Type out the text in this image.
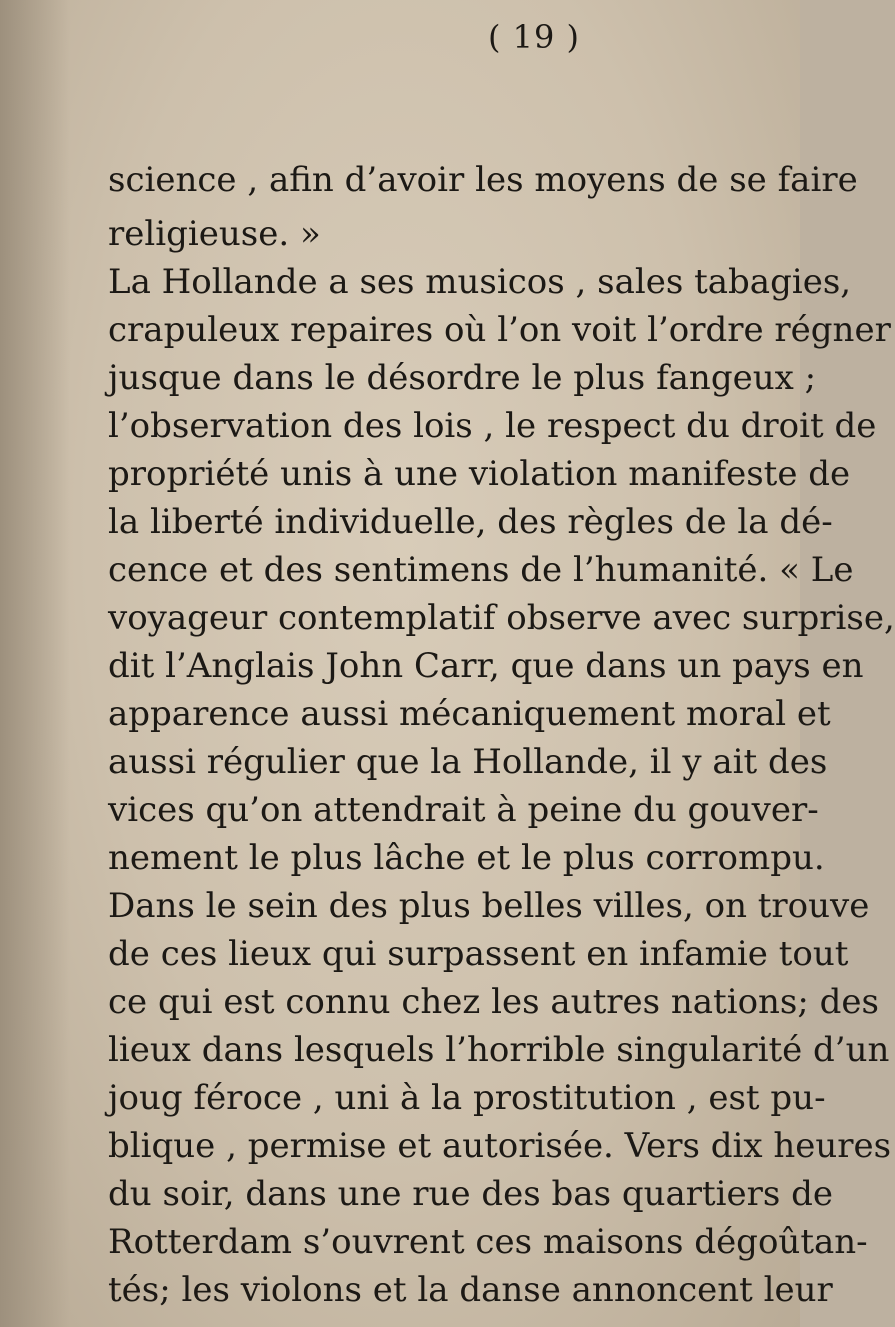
( 19 )
science , afin d’avoir les moyens de se faire
religieuse. »
La Hollande a ses musicos , sales tabagies,
crapuleux repaires où l’on voit l’ordre régner
jusque dans le désordre le plus fangeux ;
l’observation des lois , le respect du droit de
propriété unis à une violation manifeste de
la liberté individuelle, des règles de la dé-
cence et des sentimens de l’humanité. « Le
voyageur contemplatif observe avec surprise,
dit l’Anglais John Carr, que dans un pays en
apparence aussi mécaniquement moral et
aussi régulier que la Hollande, il y ait des
vices qu’on attendrait à peine du gouver-
nement le plus lâche et le plus corrompu.
Dans le sein des plus belles villes, on trouve
de ces lieux qui surpassent en infamie tout
ce qui est connu chez les autres nations; des
lieux dans lesquels l’horrible singularité d’un
joug féroce , uni à la prostitution , est pu-
blique , permise et autorisée. Vers dix heures
du soir, dans une rue des bas quartiers de
Rotterdam s’ouvrent ces maisons dégoûtan-
tés; les violons et la danse annoncent leur
